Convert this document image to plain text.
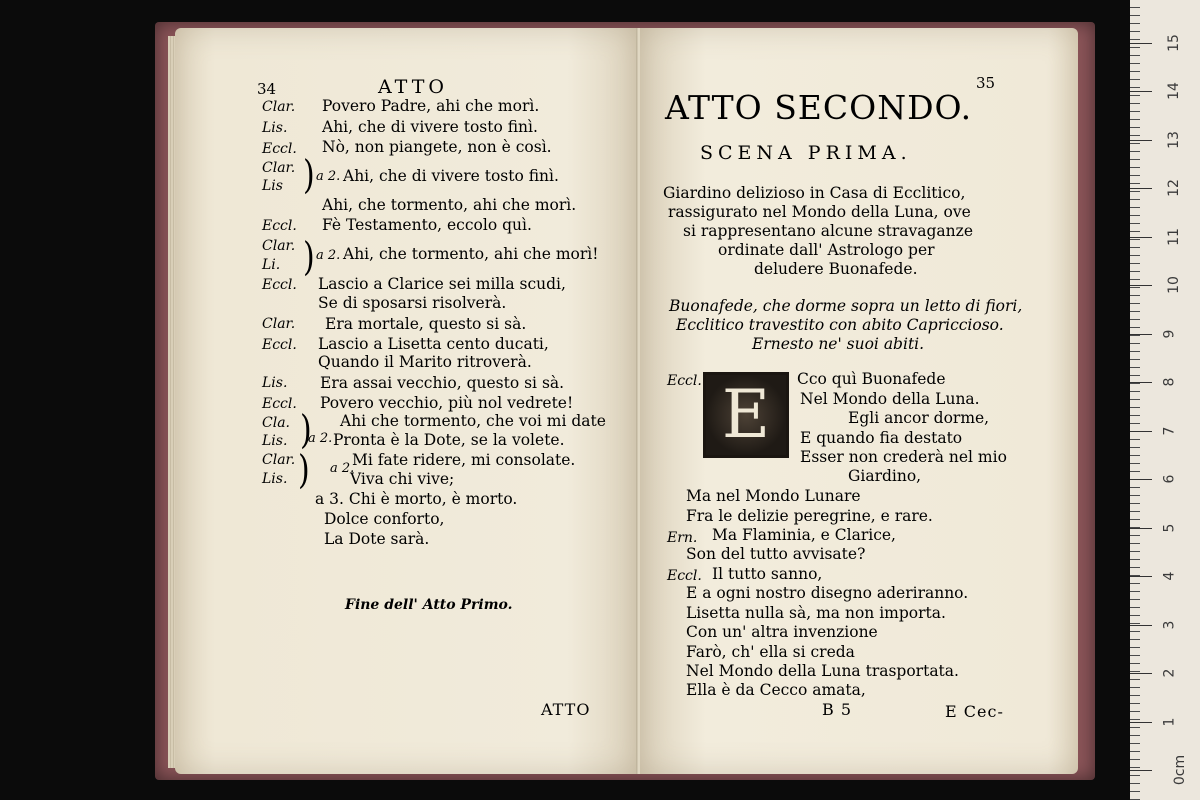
34	ATTO
Clar.
Lis.
Eccl.
Clar.
Lis
Eccl.
Clar.
Li.
Eccl.
Clar.
Eccl.
Lis.
Eccl.
Cla.
Lis.
Clar.
Lis.
a 2.
a 2.
a 2.
a 2.
)
)
)
)
Povero Padre, ahi che morì.
Ahi, che di vivere tosto finì.
Nò, non piangete, non è così.
Ahi, che di vivere tosto finì.
Ahi, che tormento, ahi che morì.
Fè Testamento, eccolo quì.
Ahi, che tormento, ahi che morì!
Lascio a Clarice sei milla scudi,
Se di sposarsi risolverà.
Era mortale, questo si sà.
Lascio a Lisetta cento ducati,
Quando il Marito ritroverà.
Era assai vecchio, questo si sà.
Povero vecchio, più nol vedrete!
Ahi che tormento, che voi mi date
Pronta è la Dote, se la volete.
Mi fate ridere, mi consolate.
Viva chi vive;
a 3. Chi è morto, è morto.
Dolce conforto,
La Dote sarà.
Fine dell' Atto Primo.
ATTO
35
ATTO SECONDO.
SCENA PRIMA.
Giardino delizioso in Casa di Ecclitico,
rassigurato nel Mondo della Luna, ove
si rappresentano alcune stravaganze
ordinate dall' Astrologo per
deludere Buonafede.
Buonafede, che dorme sopra un letto di fiori,
Ecclitico travestito con abito Capriccioso.
Ernesto ne' suoi abiti.
E
Eccl.
Ern.
Eccl.
Cco quì Buonafede
Nel Mondo della Luna.
Egli ancor dorme,
E quando fia destato
Esser non crederà nel mio
Giardino,
Ma nel Mondo Lunare
Fra le delizie peregrine, e rare.
Ma Flaminia, e Clarice,
Son del tutto avvisate?
Il tutto sanno,
E a ogni nostro disegno aderiranno.
Lisetta nulla sà, ma non importa.
Con un' altra invenzione
Farò, ch' ella si creda
Nel Mondo della Luna trasportata.
Ella è da Cecco amata,
B 5	E Cec-
0cm
1
2
3
4
5
6
7
8
9
10
11
12
13
14
15
